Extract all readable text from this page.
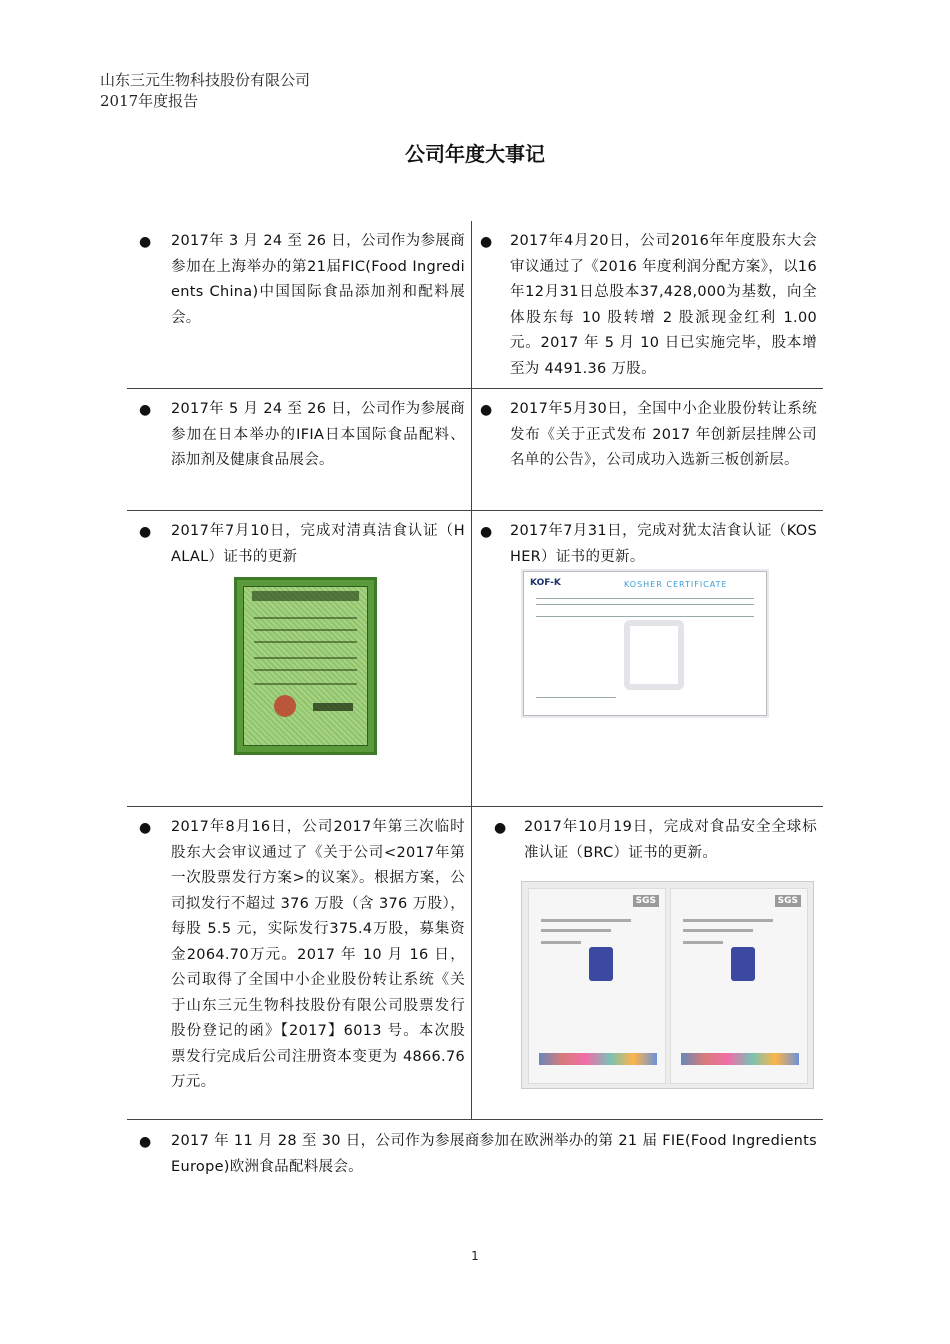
山东三元生物科技股份有限公司
2017年度报告
公司年度大事记
● 2017年 3 月 24 至 26 日，公司作为参展商参加在上海举办的第21届FIC(Food Ingredients China)中国国际食品添加剂和配料展会。
● 2017年4月20日，公司2016年年度股东大会审议通过了《2016 年度利润分配方案》，以16年12月31日总股本37,428,000为基数，向全体股东每 10 股转增 2 股派现金红利 1.00 元。2017 年 5 月 10 日已实施完毕，股本增至为 4491.36 万股。
● 2017年 5 月 24 至 26 日，公司作为参展商参加在日本举办的IFIA日本国际食品配料、添加剂及健康食品展会。
● 2017年5月30日，全国中小企业股份转让系统发布《关于正式发布 2017 年创新层挂牌公司名单的公告》，公司成功入选新三板创新层。
● 2017年7月10日，完成对清真洁食认证（HALAL）证书的更新
● 2017年7月31日，完成对犹太洁食认证（KOSHER）证书的更新。
KOF-K	KOSHER CERTIFICATE
● 2017年8月16日，公司2017年第三次临时股东大会审议通过了《关于公司<2017年第一次股票发行方案>的议案》。根据方案，公司拟发行不超过 376 万股（含 376 万股），每股 5.5 元，实际发行375.4万股，募集资金2064.70万元。2017 年 10 月 16 日，公司取得了全国中小企业股份转让系统《关于山东三元生物科技股份有限公司股票发行股份登记的函》【2017】6013 号。本次股票发行完成后公司注册资本变更为 4866.76 万元。
● 2017年10月19日，完成对食品安全全球标准认证（BRC）证书的更新。
SGS	SGS
● 2017 年 11 月 28 至 30 日，公司作为参展商参加在欧洲举办的第 21 届 FIE(Food Ingredients Europe)欧洲食品配料展会。
1
